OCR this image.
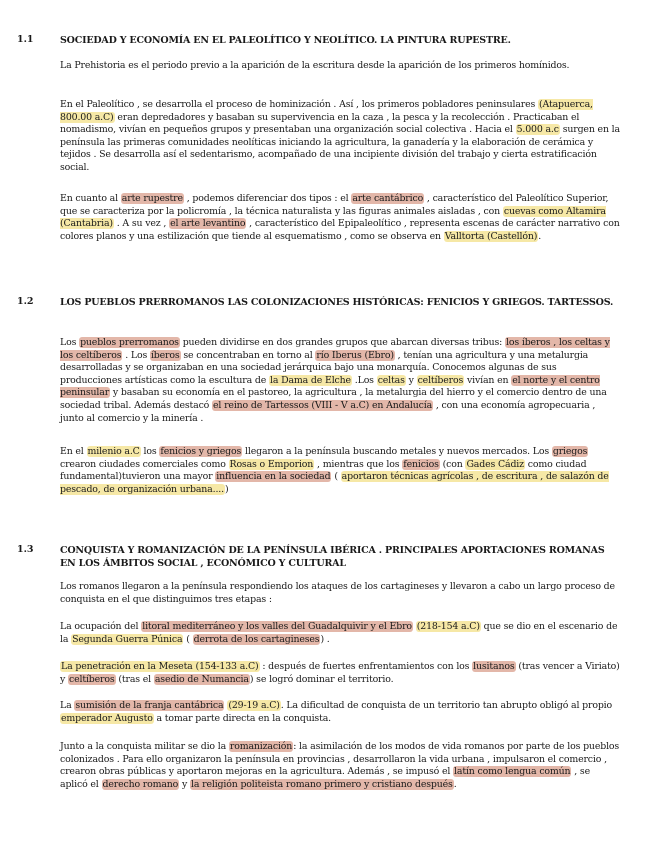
1.1	SOCIEDAD Y ECONOMÍA EN EL PALEOLÍTICO Y NEOLÍTICO. LA PINTURA RUPESTRE.

La Prehistoria es el periodo previo a la aparición de la escritura desde la aparición de los primeros homínidos.

En el Paleolítico , se desarrolla el proceso de hominización . Así , los primeros pobladores peninsulares (Atapuerca, 800.00 a.C) eran depredadores y basaban su supervivencia en la caza , la pesca y la recolección . Practicaban el nomadismo, vivían en pequeños grupos y presentaban una organización social colectiva . Hacia el 5.000 a.c surgen en la península las primeras comunidades neolíticas iniciando la agricultura, la ganadería y la elaboración de cerámica y tejidos . Se desarrolla así el sedentarismo, acompañado de una incipiente división del trabajo y cierta estratificación social.

En cuanto al arte rupestre , podemos diferenciar dos tipos : el arte cantábrico , característico del Paleolítico Superior, que se caracteriza por la policromía , la técnica naturalista y las figuras animales aisladas , con cuevas como Altamira (Cantabria) . A su vez , el arte levantino , característico del Epipaleolítico , representa escenas de carácter narrativo con colores planos y una estilización que tiende al esquematismo , como se observa en Valltorta (Castellón).

1.2	LOS PUEBLOS PRERROMANOS LAS COLONIZACIONES HISTÓRICAS: FENICIOS Y GRIEGOS. TARTESSOS.

Los pueblos prerromanos pueden dividirse en dos grandes grupos que abarcan diversas tribus: los íberos , los celtas y los celtíberos . Los íberos se concentraban en torno al río Iberus (Ebro) , tenían una agricultura y una metalurgia desarrolladas y se organizaban en una sociedad jerárquica bajo una monarquía. Conocemos algunas de sus producciones artísticas como la escultura de la Dama de Elche .Los celtas y celtíberos vivían en el norte y el centro peninsular y basaban su economía en el pastoreo, la agricultura , la metalurgia del hierro y el comercio dentro de una sociedad tribal. Además destacó el reino de Tartessos (VIII - V a.C) en Andalucía , con una economía agropecuaria , junto al comercio y la minería .

En el milenio a.C los fenicios y griegos llegaron a la península buscando metales y nuevos mercados. Los griegos crearon ciudades comerciales como Rosas o Emporion , mientras que los fenicios (con Gades Cádiz como ciudad fundamental)tuvieron una mayor influencia en la sociedad ( aportaron técnicas agrícolas , de escritura , de salazón de pescado, de organización urbana....)

1.3	CONQUISTA Y ROMANIZACIÓN DE LA PENÍNSULA IBÉRICA . PRINCIPALES APORTACIONES ROMANAS EN LOS ÁMBITOS SOCIAL , ECONÓMICO Y CULTURAL

Los romanos llegaron a la península respondiendo los ataques de los cartagineses y llevaron a cabo un largo proceso de conquista en el que distinguimos tres etapas :

La ocupación del litoral mediterráneo y los valles del Guadalquivir y el Ebro (218-154 a.C) que se dio en el escenario de la Segunda Guerra Púnica ( derrota de los cartagineses) .

La penetración en la Meseta (154-133 a.C) : después de fuertes enfrentamientos con los lusitanos (tras vencer a Viriato) y celtíberos (tras el asedio de Numancia) se logró dominar el territorio.

La sumisión de la franja cantábrica (29-19 a.C). La dificultad de conquista de un territorio tan abrupto obligó al propio emperador Augusto a tomar parte directa en la conquista.

Junto a la conquista militar se dio la romanización: la asimilación de los modos de vida romanos por parte de los pueblos colonizados . Para ello organizaron la península en provincias , desarrollaron la vida urbana , impulsaron el comercio , crearon obras públicas y aportaron mejoras en la agricultura. Además , se impusó el latín como lengua común , se aplicó el derecho romano y la religión politeista romano primero y cristiano después.
